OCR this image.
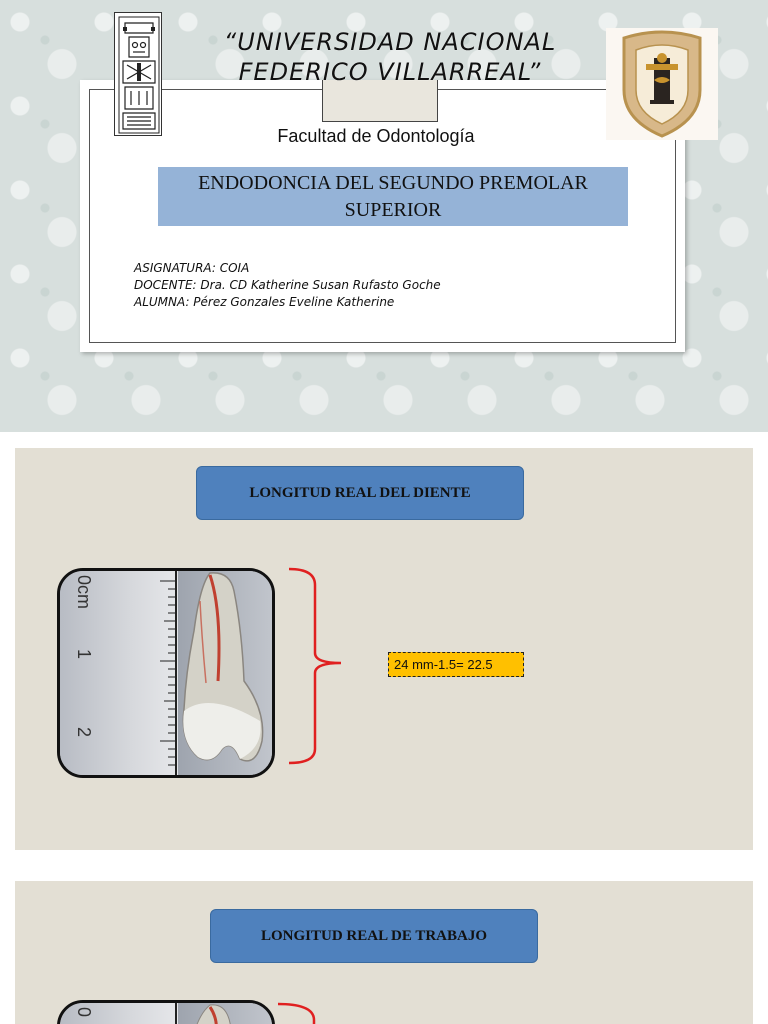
“UNIVERSIDAD NACIONAL
FEDERICO VILLARREAL”
Facultad de Odontología
ENDODONCIA DEL SEGUNDO PREMOLAR SUPERIOR
ASIGNATURA: COIA
DOCENTE: Dra. CD Katherine Susan Rufasto Goche
ALUMNA: Pérez Gonzales Eveline Katherine
LONGITUD REAL DEL DIENTE
0cm
1
2
24 mm-1.5= 22.5
LONGITUD REAL DE TRABAJO
0
